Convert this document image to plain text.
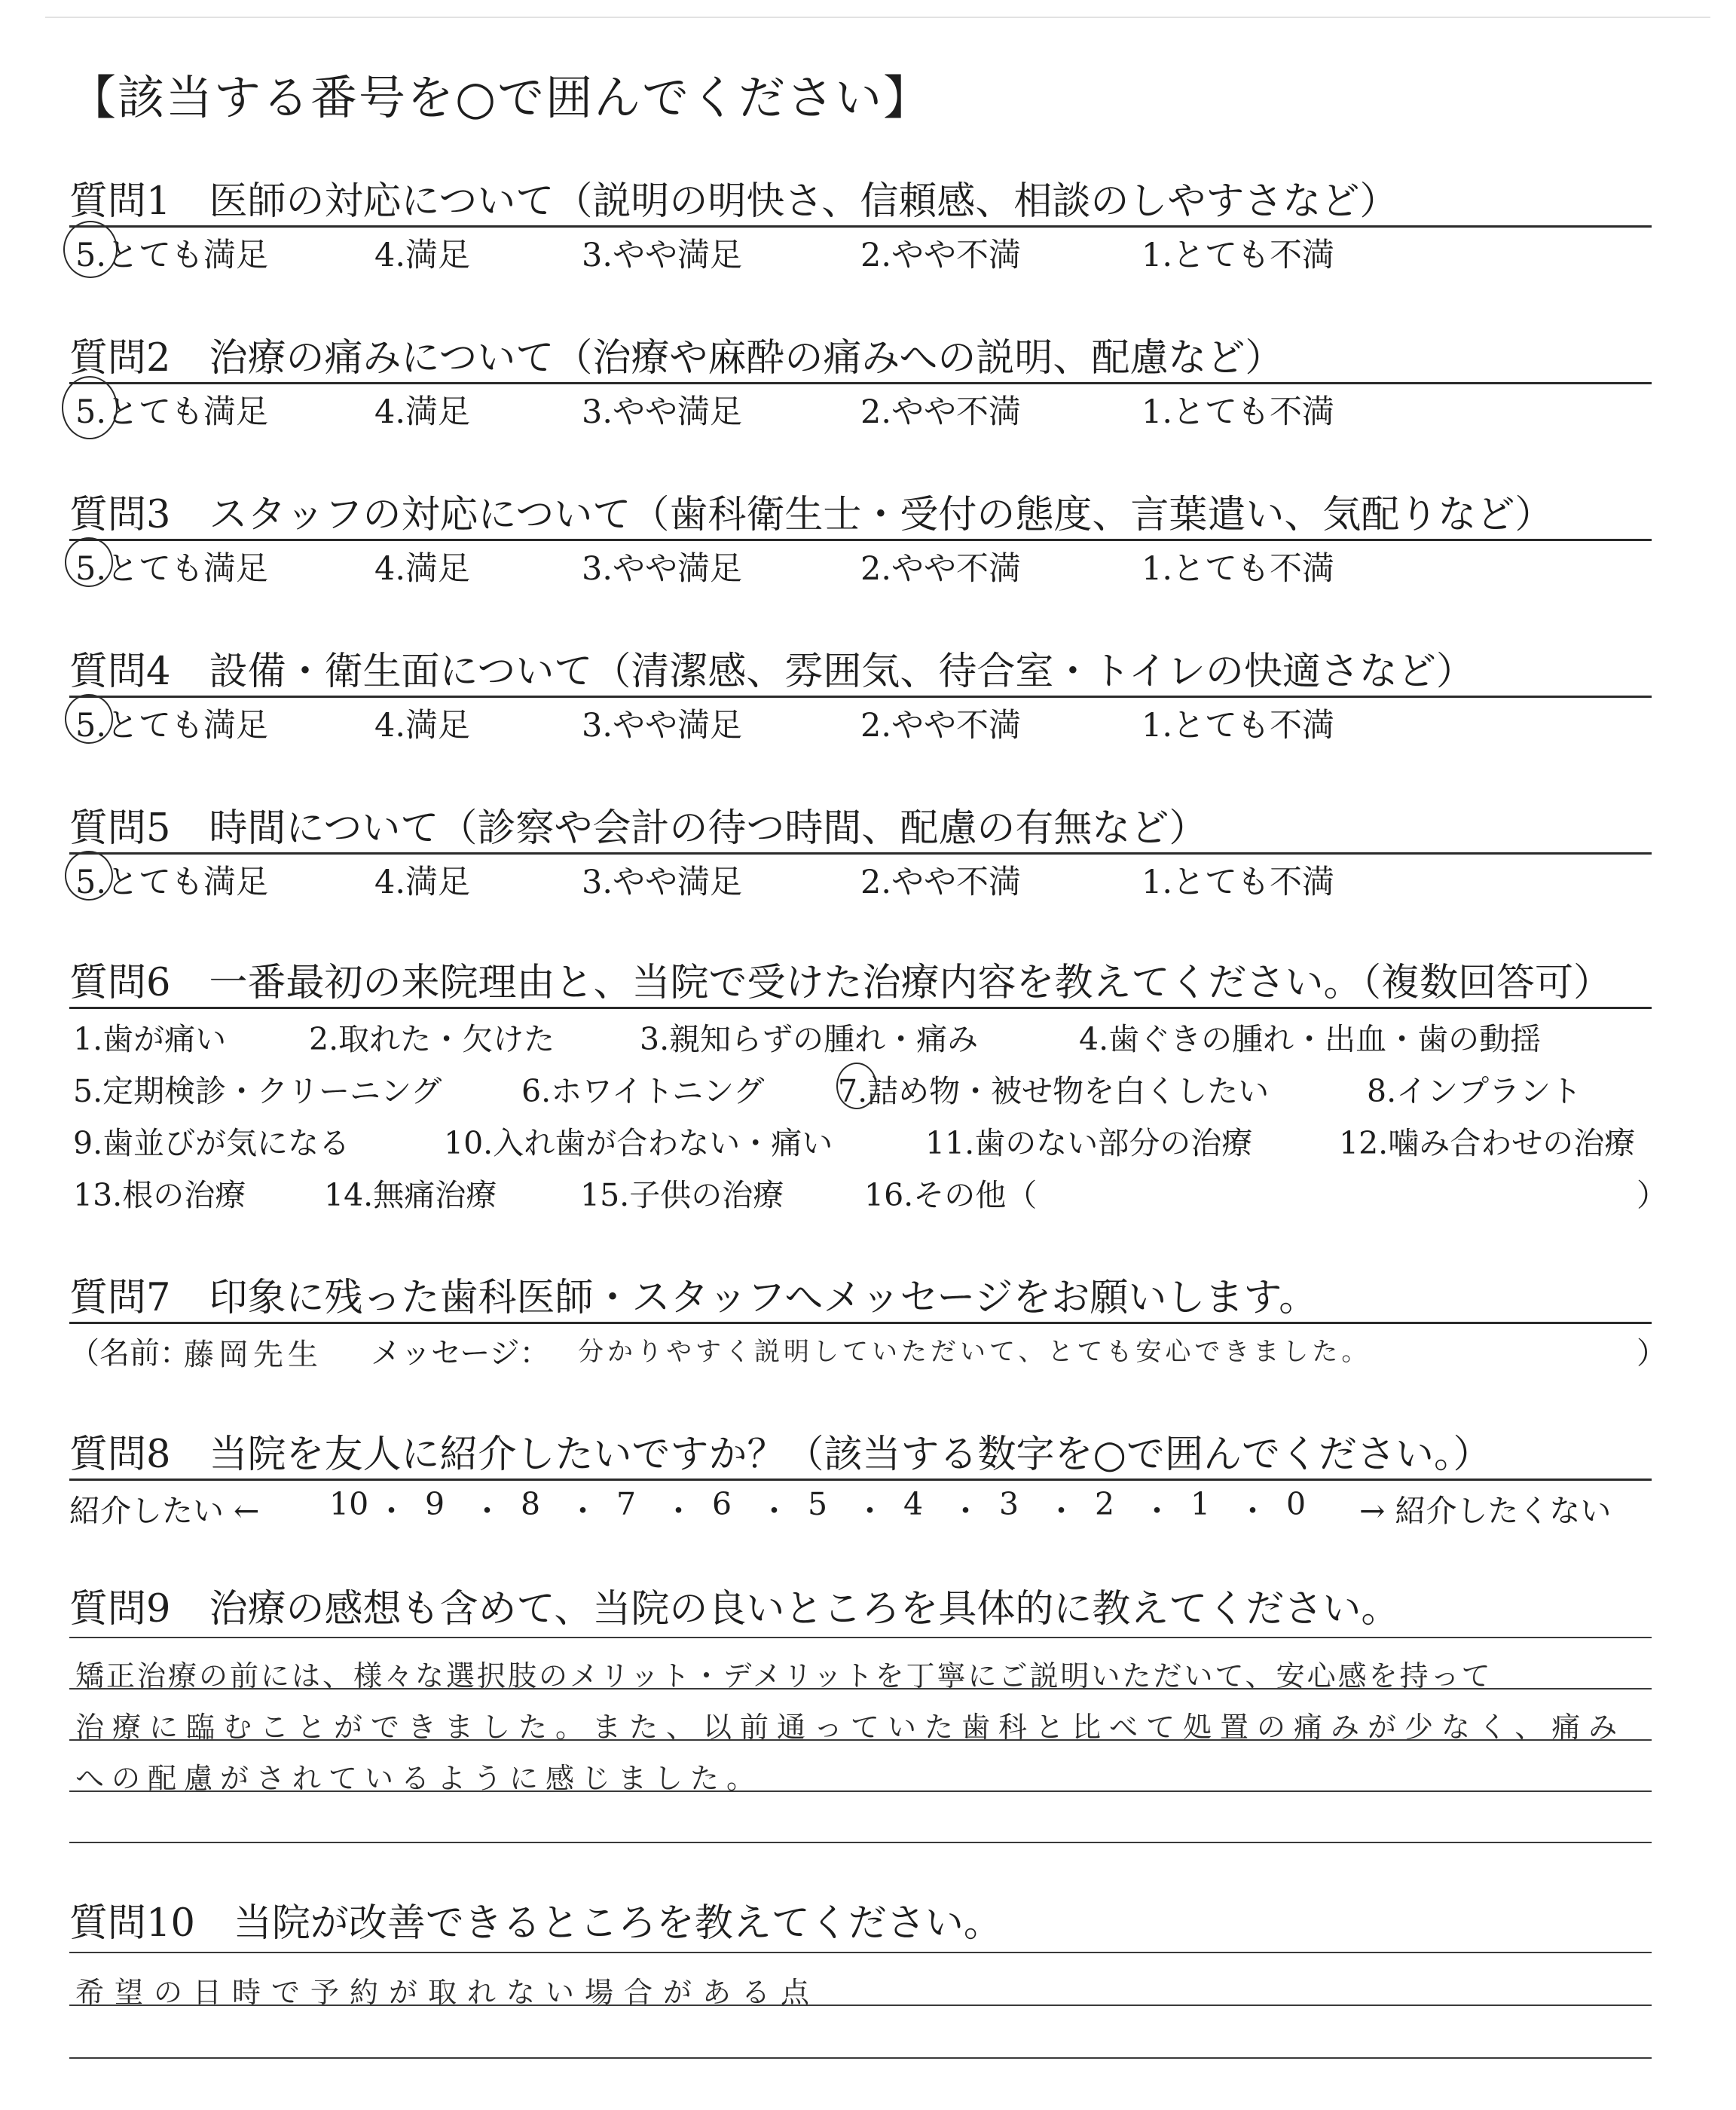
【該当する番号を○で囲んでください】
質問1　医師の対応について（説明の明快さ、信頼感、相談のしやすさなど）
5.とても満足	4.満足	3.やや満足	2.やや不満	1.とても不満
質問2　治療の痛みについて（治療や麻酔の痛みへの説明、配慮など）
5.とても満足	4.満足	3.やや満足	2.やや不満	1.とても不満
質問3　スタッフの対応について（歯科衛生士・受付の態度、言葉遣い、気配りなど）
5.とても満足	4.満足	3.やや満足	2.やや不満	1.とても不満
質問4　設備・衛生面について（清潔感、雰囲気、待合室・トイレの快適さなど）
5.とても満足	4.満足	3.やや満足	2.やや不満	1.とても不満
質問5　時間について（診察や会計の待つ時間、配慮の有無など）
5.とても満足	4.満足	3.やや満足	2.やや不満	1.とても不満
質問6　一番最初の来院理由と、当院で受けた治療内容を教えてください。（複数回答可）
1.歯が痛い	2.取れた・欠けた	3.親知らずの腫れ・痛み	4.歯ぐきの腫れ・出血・歯の動揺
5.定期検診・クリーニング	6.ホワイトニング 7.詰め物・被せ物を白くしたい	8.インプラント
9.歯並びが気になる	10.入れ歯が合わない・痛い	11.歯のない部分の治療	12.噛み合わせの治療
13.根の治療	14.無痛治療	15.子供の治療	16.その他（	）
質問7　印象に残った歯科医師・スタッフへメッセージをお願いします。
（名前：
藤岡先生 メッセージ： 分かりやすく説明していただいて、とても安心できました。	）
質問8　当院を友人に紹介したいですか？（該当する数字を○で囲んでください。）
紹介したい ← 10 ・ 9 ・ 8 ・ 7 ・ 6 ・ 5 ・ 4 ・ 3 ・ 2 ・ 1 ・ 0 → 紹介したくない
質問9　治療の感想も含めて、当院の良いところを具体的に教えてください。
矯正治療の前には、様々な選択肢のメリット・デメリットを丁寧にご説明いただいて、安心感を持って
治療に臨むことができました。また、以前通っていた歯科と比べて処置の痛みが少なく、痛み
への配慮がされているように感じました。
質問10　当院が改善できるところを教えてください。
希望の日時で予約が取れない場合がある点
